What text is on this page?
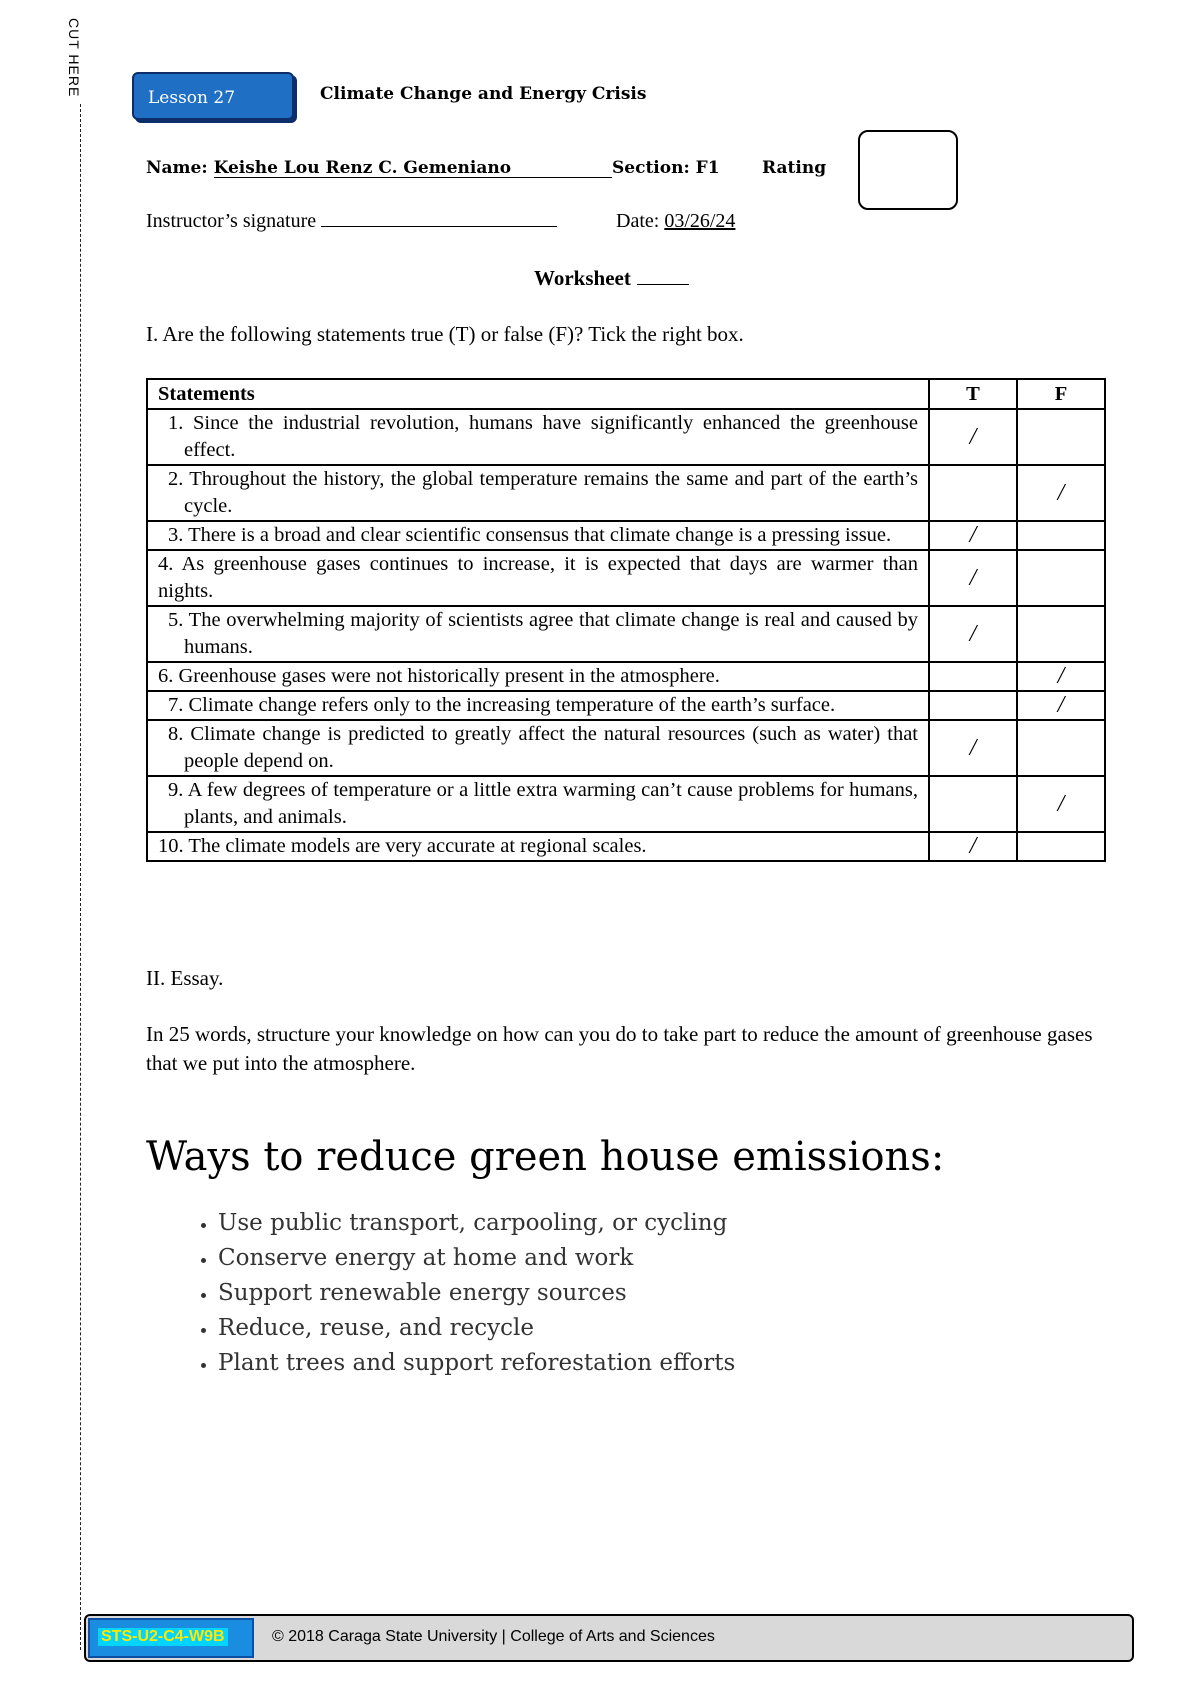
CUT HERE
Lesson 27	Climate Change and Energy Crisis
Name: Keishe Lou Renz C. Gemeniano	Section: F1 Rating
Instructor’s signature	Date: 03/26/24
Worksheet
I. Are the following statements true (T) or false (F)? Tick the right box.
Statements	T	F

1. Since the industrial revolution, humans have significantly enhanced the greenhouse effect.	/	

2. Throughout the history, the global temperature remains the same and part of the earth’s cycle.		/

3. There is a broad and clear scientific consensus that climate change is a pressing issue.	/	
4. As greenhouse gases continues to increase, it is expected that days are warmer than nights.	/	

5. The overwhelming majority of scientists agree that climate change is real and caused by humans.	/	
6. Greenhouse gases were not historically present in the atmosphere.		/

7. Climate change refers only to the increasing temperature of the earth’s surface.		/

8. Climate change is predicted to greatly affect the natural resources (such as water) that people depend on.	/	

9. A few degrees of temperature or a little extra warming can’t cause problems for humans, plants, and animals.		/
10. The climate models are very accurate at regional scales.	/	
II. Essay.
In 25 words, structure your knowledge on how can you do to take part to reduce the amount of greenhouse gases that we put into the atmosphere.
Ways to reduce green house emissions:
• Use public transport, carpooling, or cycling
• Conserve energy at home and work
• Support renewable energy sources
• Reduce, reuse, and recycle
• Plant trees and support reforestation efforts
STS-U2-C4-W9B	© 2018 Caraga State University | College of Arts and Sciences
